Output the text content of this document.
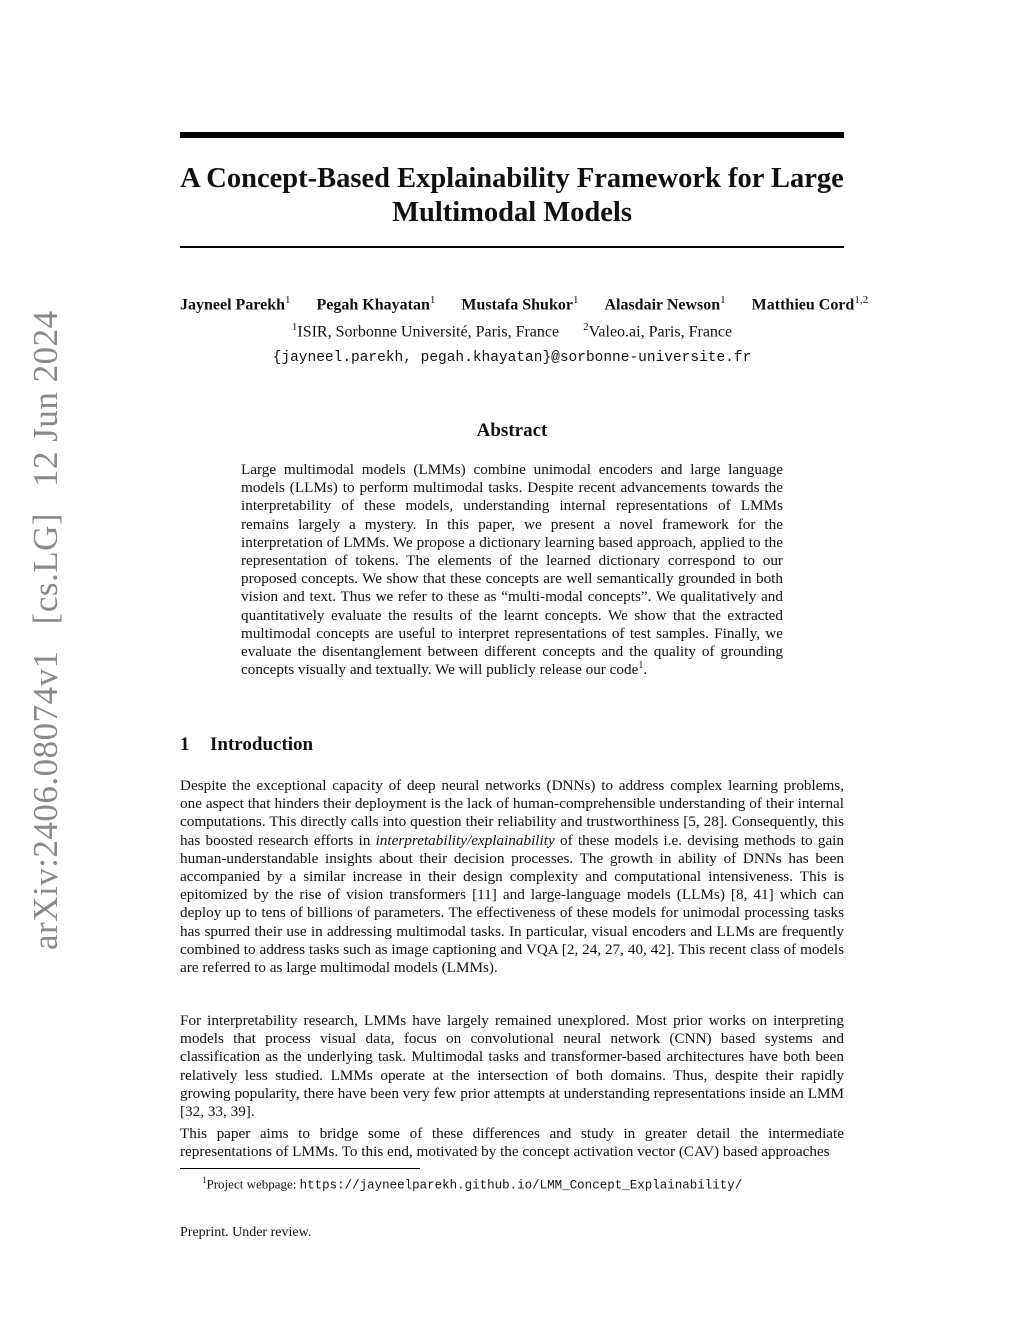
arXiv:2406.08074v1
[cs.LG]
12 Jun 2024
A Concept-Based Explainability Framework for Large Multimodal Models
Jayneel Parekh$^1$ Pegah Khayatan$^1$ Mustafa Shukor$^1$ Alasdair Newson$^1$ Matthieu Cord$^{1,2}$
$^1$ISIR, Sorbonne Université, Paris, France $^2$Valeo.ai, Paris, France
{jayneel.parekh, pegah.khayatan}@sorbonne-universite.fr
Abstract
Large multimodal models (LMMs) combine unimodal encoders and large language models (LLMs) to perform multimodal tasks. Despite recent advancements towards the interpretability of these models, understanding internal representations of LMMs remains largely a mystery. In this paper, we present a novel framework for the interpretation of LMMs. We propose a dictionary learning based approach, applied to the representation of tokens. The elements of the learned dictionary correspond to our proposed concepts. We show that these concepts are well semantically grounded in both vision and text. Thus we refer to these as “multi-modal concepts”. We qualitatively and quantitatively evaluate the results of the learnt concepts. We show that the extracted multimodal concepts are useful to interpret representations of test samples. Finally, we evaluate the disentanglement between different concepts and the quality of grounding concepts visually and textually. We will publicly release our code$^1$.
1 Introduction
Despite the exceptional capacity of deep neural networks (DNNs) to address complex learning problems, one aspect that hinders their deployment is the lack of human-comprehensible understanding of their internal computations. This directly calls into question their reliability and trustworthiness [5, 28]. Consequently, this has boosted research efforts in interpretability/explainability of these models i.e. devising methods to gain human-understandable insights about their decision processes. The growth in ability of DNNs has been accompanied by a similar increase in their design complexity and computational intensiveness. This is epitomized by the rise of vision transformers [11] and large-language models (LLMs) [8, 41] which can deploy up to tens of billions of parameters. The effectiveness of these models for unimodal processing tasks has spurred their use in addressing multimodal tasks. In particular, visual encoders and LLMs are frequently combined to address tasks such as image captioning and VQA [2, 24, 27, 40, 42]. This recent class of models are referred to as large multimodal models (LMMs).
For interpretability research, LMMs have largely remained unexplored. Most prior works on interpreting models that process visual data, focus on convolutional neural network (CNN) based systems and classification as the underlying task. Multimodal tasks and transformer-based architectures have both been relatively less studied. LMMs operate at the intersection of both domains. Thus, despite their rapidly growing popularity, there have been very few prior attempts at understanding representations inside an LMM [32, 33, 39].
This paper aims to bridge some of these differences and study in greater detail the intermediate representations of LMMs. To this end, motivated by the concept activation vector (CAV) based approaches
$^1$Project webpage: https://jayneelparekh.github.io/LMM_Concept_Explainability/
Preprint. Under review.
